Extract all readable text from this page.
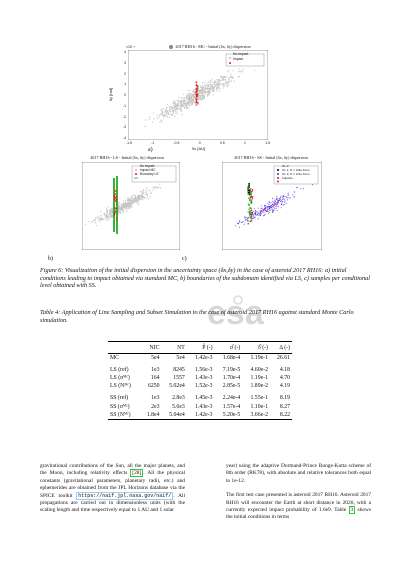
2017 RH16 - MC - Initial (δx, δy) dispersion
No impact
Impact
×10⁻³
δy [rad]
4
3
2
1
0
-1
-2
-3
-4
-1.5	-1	-0.5	0	0.5	1	1.5
δx [AU]
a)
2017 RH16 - LS - Initial (δx, δy) dispersion
No impact
Impact MC
Boundary LS
b)
2017 RH16 - SS - Initial (δx, δy) dispersion
CL 0
CL 1, D = 0.8e-6 km
CL 2, D = 0.6e-6 km
Impacts
c)
esa
Figure 6: Visualization of the initial dispersion in the uncertainty space (δx,δy) in the case of asteroid 2017 RH16: a) initial conditions leading to impact obtained via standard MC, b) boundaries of the subdomain identified via LS, c) samples per conditional level obtained with SS.
Table 4: Application of Line Sampling and Subset Simulation to the case of asteroid 2017 RH16 against standard Monte Carlo simulation.
	NIC	NT	P̂ (-)	σ̂ (-)	δ̂ (-)	Δ (-)
MC	5e4	5e4	1.42e-3	1.68e-4	1.19e-1	26.61
LS (ref)	1e3	8245	1.56e-3	7.19e-5	4.60e-2	4.18
LS (σᴹᶜ)	164	1557	1.43e-3	1.70e-4	1.19e-1	4.70
LS (Nᴹᶜ)	6250	5.02e4	1.52e-3	2.85e-5	1.89e-2	4.19
SS (ref)	1e3	2.8e3	1.45e-3	2.24e-4	1.55e-1	8.19
SS (σᴹᶜ)	2e3	5.6e3	1.43e-3	1.57e-4	1.10e-1	8.27
SS (Nᴹᶜ)	1.8e4	5.04e4	1.42e-3	5.20e-5	3.66e-2	8.22
gravitational contributions of the Sun, all the major planets, and the Moon, including relativity effects [28] . All the physical constants (gravitational parameters, planetary radii, etc.) and ephemerides are obtained from the JPL Horizons database via the SPICE toolkit https://naif.jpl.nasa.gov/naif/ . All propagations are carried out in dimensionless units (with the scaling length and time respectively equal to 1 AU and 1 solar

year) using the adaptive Dormand-Prince Runge-Kutta scheme of 8th order (RK78), with absolute and relative tolerances both equal to 1e-12.

The first test case presented is asteroid 2017 RH16. Asteroid 2017 RH16 will encounter the Earth at short distance in 2026, with a currently expected impact probability of 1.6e9. Table 3 shows the initial conditions in terms
